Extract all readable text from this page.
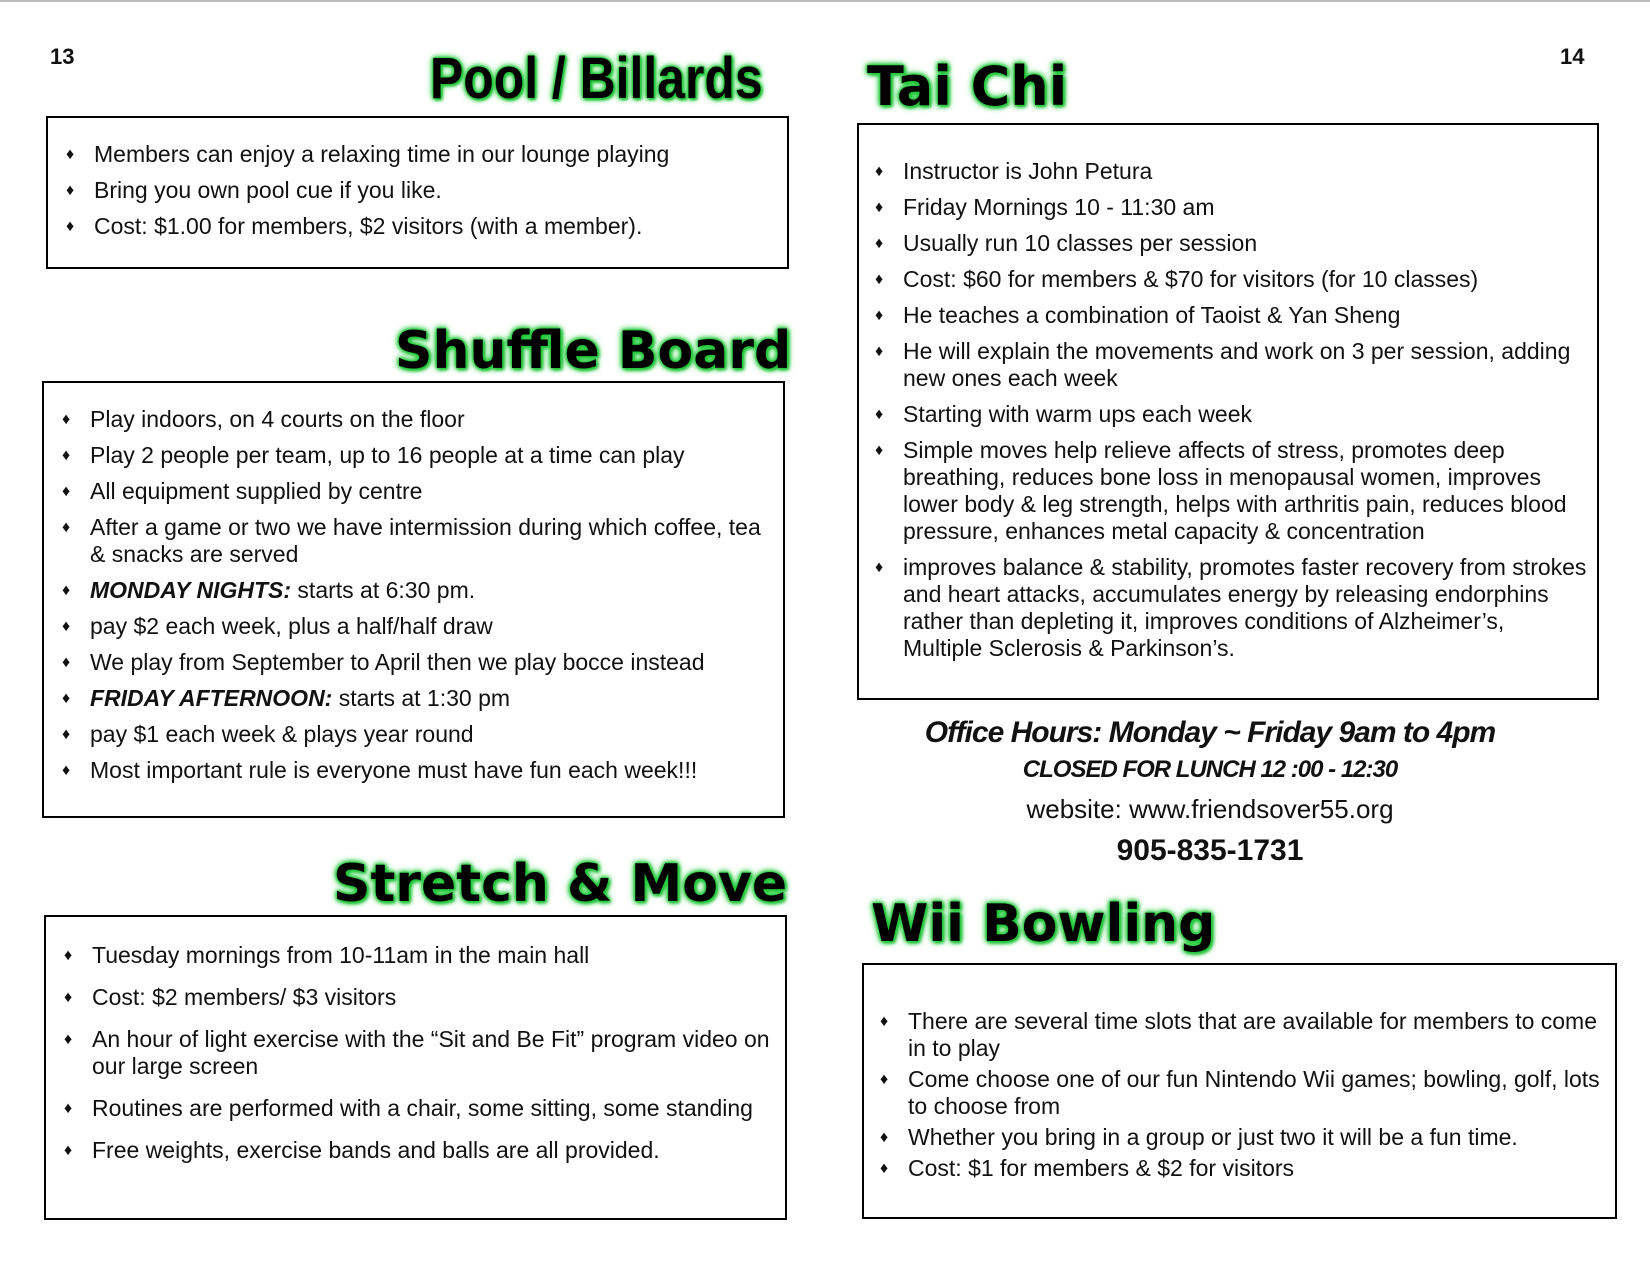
13	Pool / Billards
♦ Members can enjoy a relaxing time in our lounge playing
♦ Bring you own pool cue if you like.
♦ Cost: $1.00 for members, $2 visitors (with a member).
Shuffle Board
♦ Play indoors, on 4 courts on the floor
♦ Play 2 people per team, up to 16 people at a time can play
♦ All equipment supplied by centre
♦ After a game or two we have intermission during which coffee, tea & snacks are served
♦ MONDAY NIGHTS: starts at 6:30 pm.
♦ pay $2 each week, plus a half/half draw
♦ We play from September to April then we play bocce instead
♦ FRIDAY AFTERNOON: starts at 1:30 pm
♦ pay $1 each week & plays year round
♦ Most important rule is everyone must have fun each week!!!
Stretch & Move
♦ Tuesday mornings from 10-11am in the main hall
♦ Cost: $2 members/ $3 visitors
♦ An hour of light exercise with the “Sit and Be Fit” program video on our large screen
♦ Routines are performed with a chair, some sitting, some standing
♦ Free weights, exercise bands and balls are all provided.
14
Tai Chi
♦ Instructor is John Petura
♦ Friday Mornings 10 - 11:30 am
♦ Usually run 10 classes per session
♦ Cost: $60 for members & $70 for visitors (for 10 classes)
♦ He teaches a combination of Taoist & Yan Sheng
♦ He will explain the movements and work on 3 per session, adding new ones each week
♦ Starting with warm ups each week
♦ Simple moves help relieve affects of stress, promotes deep breathing, reduces bone loss in menopausal women, improves lower body & leg strength, helps with arthritis pain, reduces blood pressure, enhances metal capacity & concentration
♦ improves balance & stability, promotes faster recovery from strokes and heart attacks, accumulates energy by releasing endorphins rather than depleting it, improves conditions of Alzheimer’s, Multiple Sclerosis & Parkinson’s.
Office Hours: Monday ~ Friday 9am to 4pm
CLOSED FOR LUNCH 12 :00 - 12:30
website: www.friendsover55.org
905-835-1731
Wii Bowling
♦ There are several time slots that are available for members to come in to play
♦ Come choose one of our fun Nintendo Wii games; bowling, golf, lots to choose from
♦ Whether you bring in a group or just two it will be a fun time.
♦ Cost: $1 for members & $2 for visitors
